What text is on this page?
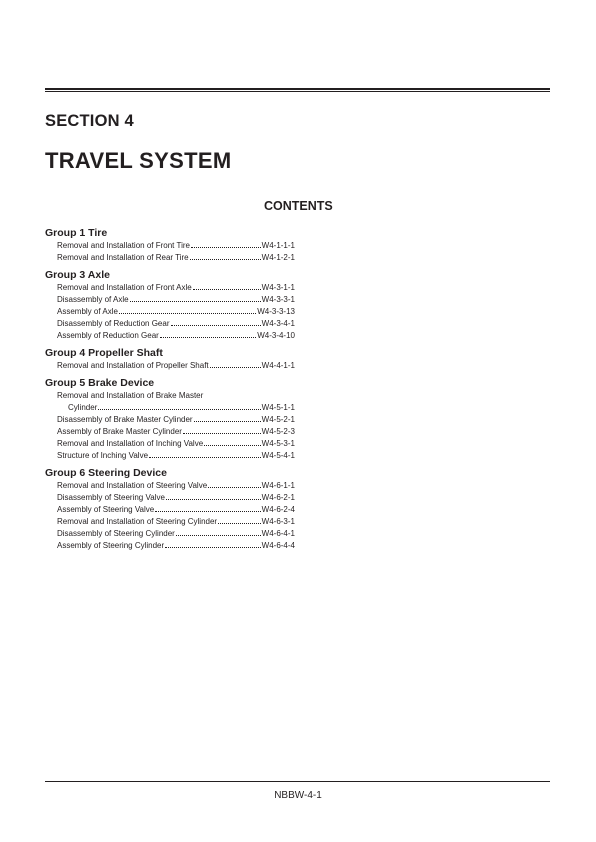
SECTION 4
TRAVEL SYSTEM
CONTENTS
Group 1 Tire
Removal and Installation of Front Tire	W4-1-1-1
Removal and Installation of Rear Tire	W4-1-2-1
Group 3 Axle
Removal and Installation of Front Axle	W4-3-1-1
Disassembly of Axle	W4-3-3-1
Assembly of Axle	W4-3-3-13
Disassembly of Reduction Gear	W4-3-4-1
Assembly of Reduction Gear	W4-3-4-10
Group 4 Propeller Shaft
Removal and Installation of Propeller Shaft	W4-4-1-1
Group 5 Brake Device
Removal and Installation of Brake Master
Cylinder	W4-5-1-1
Disassembly of Brake Master Cylinder	W4-5-2-1
Assembly of Brake Master Cylinder	W4-5-2-3
Removal and Installation of Inching Valve	W4-5-3-1
Structure of Inching Valve	W4-5-4-1
Group 6 Steering Device
Removal and Installation of Steering Valve	W4-6-1-1
Disassembly of Steering Valve	W4-6-2-1
Assembly of Steering Valve	W4-6-2-4
Removal and Installation of Steering Cylinder	W4-6-3-1
Disassembly of Steering Cylinder	W4-6-4-1
Assembly of Steering Cylinder	W4-6-4-4
NBBW-4-1
